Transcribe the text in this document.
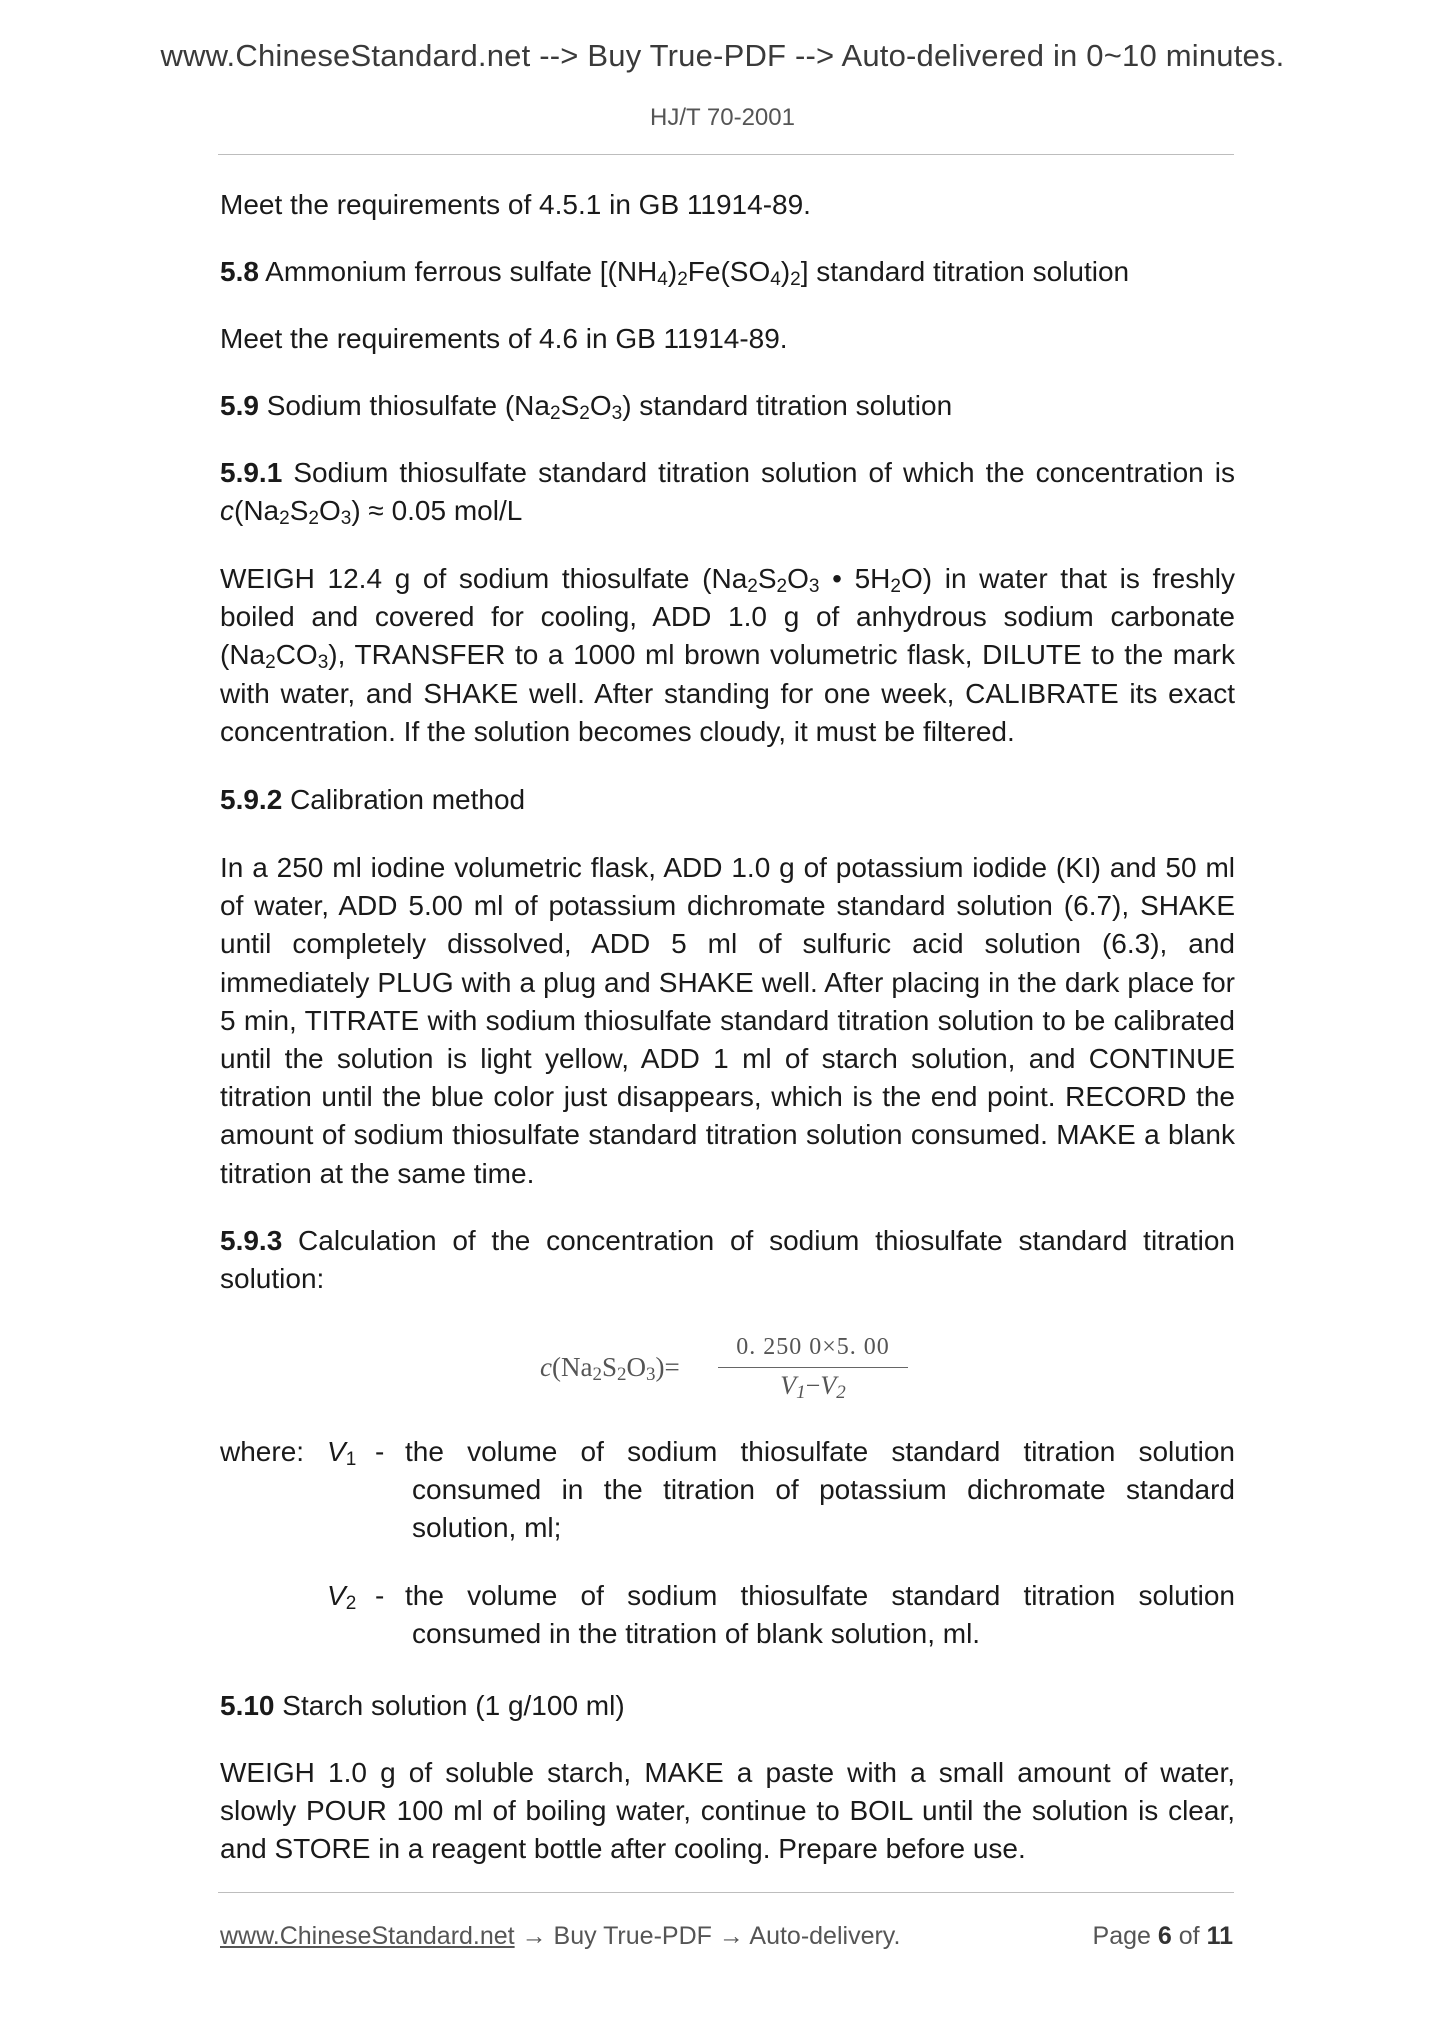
www.ChineseStandard.net --> Buy True-PDF --> Auto-delivered in 0~10 minutes.
HJ/T 70-2001

Meet the requirements of 4.5.1 in GB 11914-89.

5.8 Ammonium ferrous sulfate $[(NH_4)_2Fe(SO_4)_2]$ standard titration solution

Meet the requirements of 4.6 in GB 11914-89.

5.9 Sodium thiosulfate $(Na_2S_2O_3)$ standard titration solution

5.9.1 Sodium thiosulfate standard titration solution of which the concentration is $c(Na_2S_2O_3) \approx 0.05$ mol/L

WEIGH 12.4 g of sodium thiosulfate ($Na_2S_2O_3$ • $5H_2O$) in water that is freshly boiled and covered for cooling, ADD 1.0 g of anhydrous sodium carbonate $(Na_2CO_3)$, TRANSFER to a 1000 ml brown volumetric flask, DILUTE to the mark with water, and SHAKE well. After standing for one week, CALIBRATE its exact concentration. If the solution becomes cloudy, it must be filtered.

5.9.2 Calibration method

In a 250 ml iodine volumetric flask, ADD 1.0 g of potassium iodide (KI) and 50 ml of water, ADD 5.00 ml of potassium dichromate standard solution (6.7), SHAKE until completely dissolved, ADD 5 ml of sulfuric acid solution (6.3), and immediately PLUG with a plug and SHAKE well. After placing in the dark place for 5 min, TITRATE with sodium thiosulfate standard titration solution to be calibrated until the solution is light yellow, ADD 1 ml of starch solution, and CONTINUE titration until the blue color just disappears, which is the end point. RECORD the amount of sodium thiosulfate standard titration solution consumed. MAKE a blank titration at the same time.

5.9.3 Calculation of the concentration of sodium thiosulfate standard titration solution:

$c(Na_2S_2O_3)=$
0. 250 0×5. 00
$V_1-V_2$
where: $V_1$ - the volume of sodium thiosulfate standard titration solution consumed in the titration of potassium dichromate standard solution, ml;
$V_2$ - the volume of sodium thiosulfate standard titration solution consumed in the titration of blank solution, ml.

5.10 Starch solution (1 g/100 ml)

WEIGH 1.0 g of soluble starch, MAKE a paste with a small amount of water, slowly POUR 100 ml of boiling water, continue to BOIL until the solution is clear, and STORE in a reagent bottle after cooling. Prepare before use.

www.ChineseStandard.net → Buy True-PDF → Auto-delivery.	Page 6 of 11
